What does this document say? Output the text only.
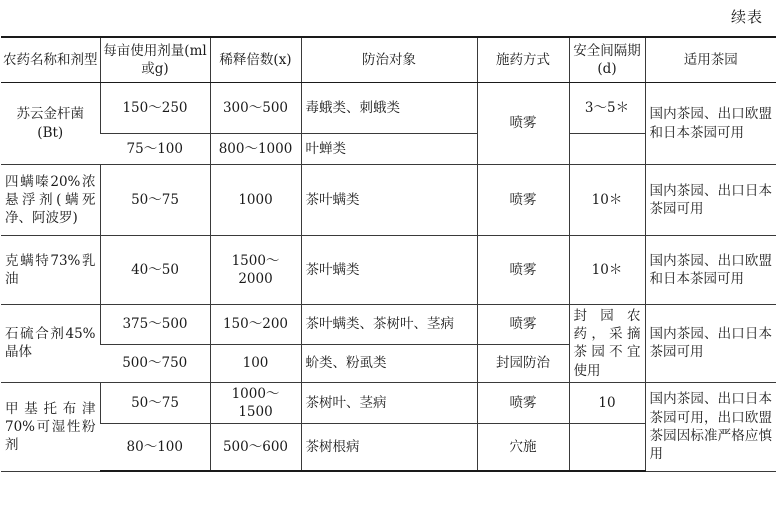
续表
农药名称和剂型	每亩使用剂量(ml或g)	稀释倍数(x)	防治对象	施药方式	安全间隔期(d)	适用茶园
苏云金杆菌(Bt)	150～250	300～500	毒蛾类、刺蛾类	喷雾	3～5＊	国内茶园、出口欧盟和日本茶园可用
	75～100	800～1000	叶蝉类			
四螨嗪20%浓悬浮剂(螨死净、阿波罗)	50～75	1000	茶叶螨类	喷雾	10＊	国内茶园、出口日本茶园可用
克螨特73%乳油	40～50	1500～2000	茶叶螨类	喷雾	10＊	国内茶园、出口欧盟和日本茶园可用
石硫合剂45%晶体	375～500	150～200	茶叶螨类、茶树叶、茎病	喷雾	封园农药，采摘茶园不宜使用	国内茶园、出口日本茶园可用
	500～750	100	蚧类、粉虱类	封园防治		
甲基托布津70%可湿性粉剂	50～75	1000～1500	茶树叶、茎病	喷雾	10	国内茶园、出口日本茶园可用，出口欧盟茶园因标准严格应慎用
	80～100	500～600	茶树根病	穴施		
